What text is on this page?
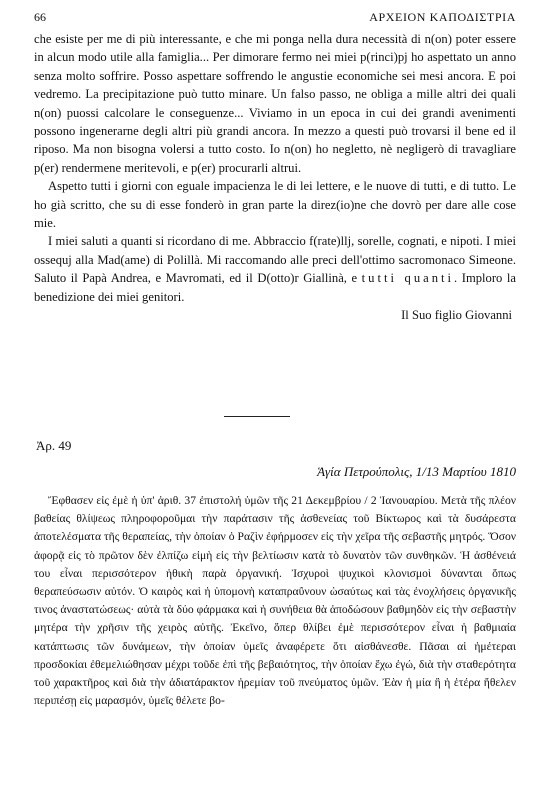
66	ΑΡΧΕΙΟΝ ΚΑΠΟΔΙΣΤΡΙΑ

che esiste per me di più interessante, e che mi ponga nella dura necessità di n(on) poter essere in alcun modo utile alla famiglia... Per dimorare fermo nei miei p(rinci)pj ho aspettato un anno senza molto soffrire. Posso aspettare soffrendo le angustie economiche sei mesi ancora. E poi vedremo. La precipitazione può tutto minare. Un falso passo, ne obliga a mille altri dei quali n(on) puossi calcolare le conseguenze... Viviamo in un epoca in cui dei grandi avenimenti possono ingenerarne degli altri più grandi ancora. In mezzo a questi può trovarsi il bene ed il riposo. Ma non bisogna volersi a tutto costo. Io n(on) ho negletto, nè negligerò di travagliare p(er) rendermene meritevoli, e p(er) procurarli altrui.

Aspetto tutti i giorni con eguale impacienza le di lei lettere, e le nuove di tutti, e di tutto. Le ho già scritto, che su di esse fonderò in gran parte la direz(io)ne che dovrò per dare alle cose mie.

I miei saluti a quanti si ricordano di me. Abbraccio f(rate)llj, sorelle, cognati, e nipoti. I miei ossequj alla Mad(ame) di Polillà. Mi raccomando alle preci dell'ottimo sacromonaco Simeone. Saluto il Papà Andrea, e Mavromati, ed il D(otto)r Giallinà, e tutti quanti. Imploro la benedizione dei miei genitori.

Il Suo figlio Giovanni

Ἀρ. 49
Ἁγία Πετρούπολις, 1/13 Μαρτίου 1810

Ἔφθασεν εἰς ἐμὲ ἡ ὑπ' ἀριθ. 37 ἐπιστολή ὑμῶν τῆς 21 Δεκεμβρίου / 2 Ἰανουαρίου. Μετὰ τῆς πλέον βαθείας θλίψεως πληροφοροῦμαι τὴν παράτασιν τῆς ἀσθενείας τοῦ Βίκτωρος καὶ τὰ δυσάρεστα ἀποτελέσματα τῆς θεραπείας, τὴν ὁποίαν ὁ Ραζὶν ἐφήρμοσεν εἰς τὴν χεῖρα τῆς σεβαστῆς μητρός. Ὅσον ἀφορᾷ εἰς τὸ πρῶτον δὲν ἐλπίζω εἰμὴ εἰς τὴν βελτίωσιν κατὰ τὸ δυνατὸν τῶν συνθηκῶν. Ἡ ἀσθένειά του εἶναι περισσότερον ἠθικὴ παρὰ ὀργανική. Ἰσχυροὶ ψυχικοὶ κλονισμοὶ δύνανται ὅπως θεραπεύσωσιν αὐτόν. Ὁ καιρὸς καὶ ἡ ὑπομονὴ καταπραΰνουν ὡσαύτως καὶ τὰς ἐνοχλήσεις ὀργανικῆς τινος ἀναστατώσεως· αὐτὰ τὰ δύο φάρμακα καὶ ἡ συνήθεια θὰ ἀποδώσουν βαθμηδὸν εἰς τὴν σεβαστὴν μητέρα τὴν χρῆσιν τῆς χειρὸς αὐτῆς. Ἐκεῖνο, ὅπερ θλίβει ἐμὲ περισσότερον εἶναι ἡ βαθμιαία κατάπτωσις τῶν δυνάμεων, τὴν ὁποίαν ὑμεῖς ἀναφέρετε ὅτι αἰσθάνεσθε. Πᾶσαι αἱ ἡμέτεραι προσδοκίαι ἐθεμελιώθησαν μέχρι τοῦδε ἐπὶ τῆς βεβαιότητος, τὴν ὁποίαν ἔχω ἐγώ, διὰ τὴν σταθερότητα τοῦ χαρακτῆρος καὶ διὰ τὴν ἀδιατάρακτον ἠρεμίαν τοῦ πνεύματος ὑμῶν. Ἐὰν ἡ μία ἢ ἡ ἑτέρα ἤθελεν περιπέσῃ εἰς μαρασμόν, ὑμεῖς θέλετε βο-
